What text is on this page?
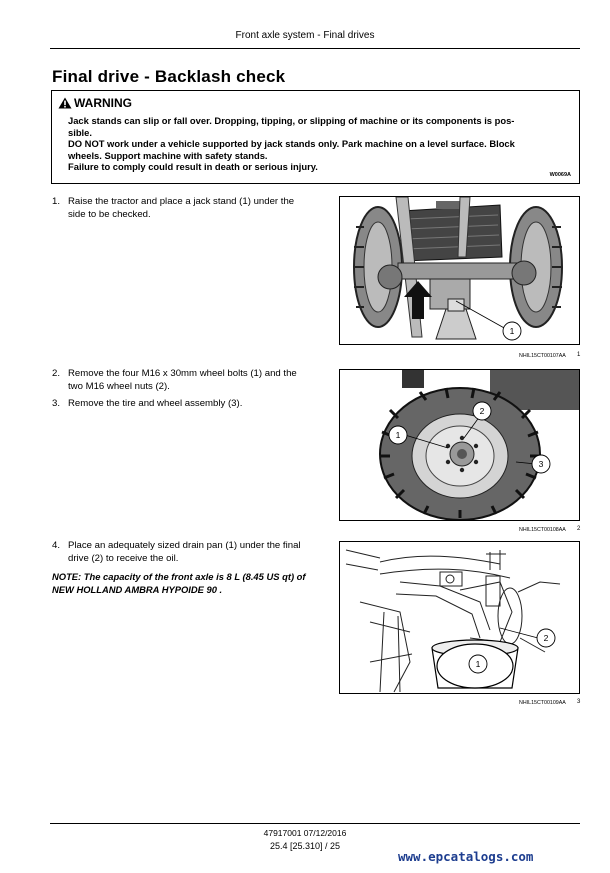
Front axle system - Final drives
Final drive - Backlash check
WARNING
Jack stands can slip or fall over. Dropping, tipping, or slipping of machine or its components is pos-
sible.
DO NOT work under a vehicle supported by jack stands only. Park machine on a level surface. Block
wheels. Support machine with safety stands.
Failure to comply could result in death or serious injury.
W0069A
1. Raise the tractor and place a jack stand (1) under the
side to be checked.
1
NHIL15CT00107AA 1
2. Remove the four M16 x 30mm wheel bolts (1) and the
two M16 wheel nuts (2).
3. Remove the tire and wheel assembly (3).
1
2
3
NHIL15CT00108AA 2
4. Place an adequately sized drain pan (1) under the final
drive (2) to receive the oil.
NOTE: The capacity of the front axle is 8 L (8.45 US qt) of
NEW HOLLAND AMBRA HYPOIDE 90 .
1
2
NHIL15CT00109AA 3
47917001 07/12/2016
25.4 [25.310] / 25
www.epcatalogs.com
